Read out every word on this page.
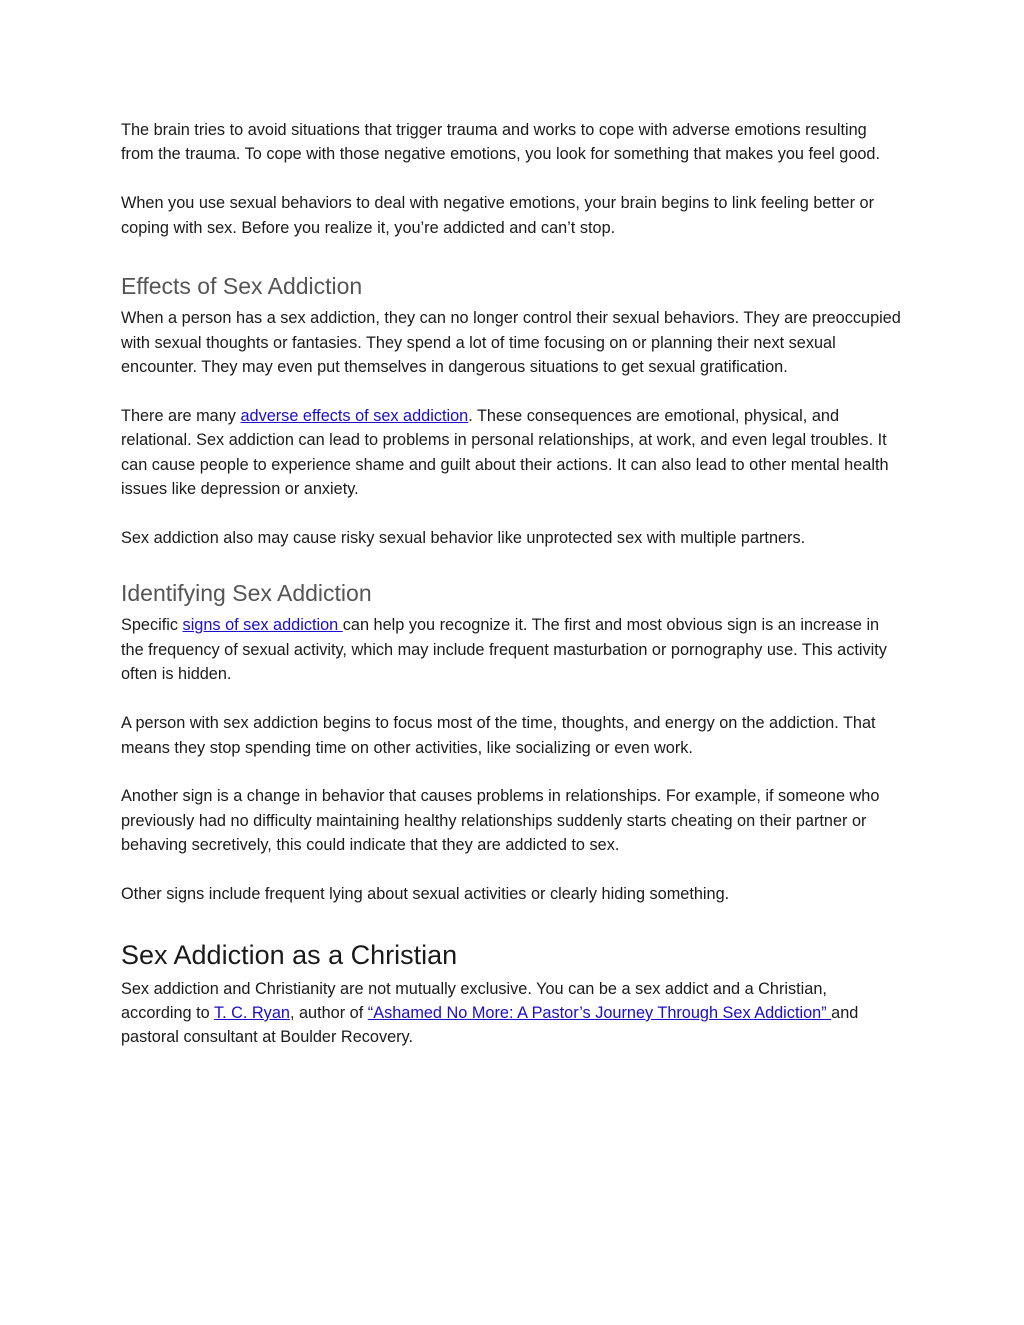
The brain tries to avoid situations that trigger trauma and works to cope with adverse emotions resulting from the trauma. To cope with those negative emotions, you look for something that makes you feel good.

When you use sexual behaviors to deal with negative emotions, your brain begins to link feeling better or coping with sex. Before you realize it, you’re addicted and can’t stop.

Effects of Sex Addiction

When a person has a sex addiction, they can no longer control their sexual behaviors. They are preoccupied with sexual thoughts or fantasies. They spend a lot of time focusing on or planning their next sexual encounter. They may even put themselves in dangerous situations to get sexual gratification.

There are many adverse effects of sex addiction. These consequences are emotional, physical, and relational. Sex addiction can lead to problems in personal relationships, at work, and even legal troubles. It can cause people to experience shame and guilt about their actions. It can also lead to other mental health issues like depression or anxiety.

Sex addiction also may cause risky sexual behavior like unprotected sex with multiple partners.

Identifying Sex Addiction

Specific signs of sex addiction can help you recognize it. The first and most obvious sign is an increase in the frequency of sexual activity, which may include frequent masturbation or pornography use. This activity often is hidden.

A person with sex addiction begins to focus most of the time, thoughts, and energy on the addiction. That means they stop spending time on other activities, like socializing or even work.

Another sign is a change in behavior that causes problems in relationships. For example, if someone who previously had no difficulty maintaining healthy relationships suddenly starts cheating on their partner or behaving secretively, this could indicate that they are addicted to sex.

Other signs include frequent lying about sexual activities or clearly hiding something.

Sex Addiction as a Christian

Sex addiction and Christianity are not mutually exclusive. You can be a sex addict and a Christian, according to T. C. Ryan, author of “Ashamed No More: A Pastor’s Journey Through Sex Addiction” and pastoral consultant at Boulder Recovery.
